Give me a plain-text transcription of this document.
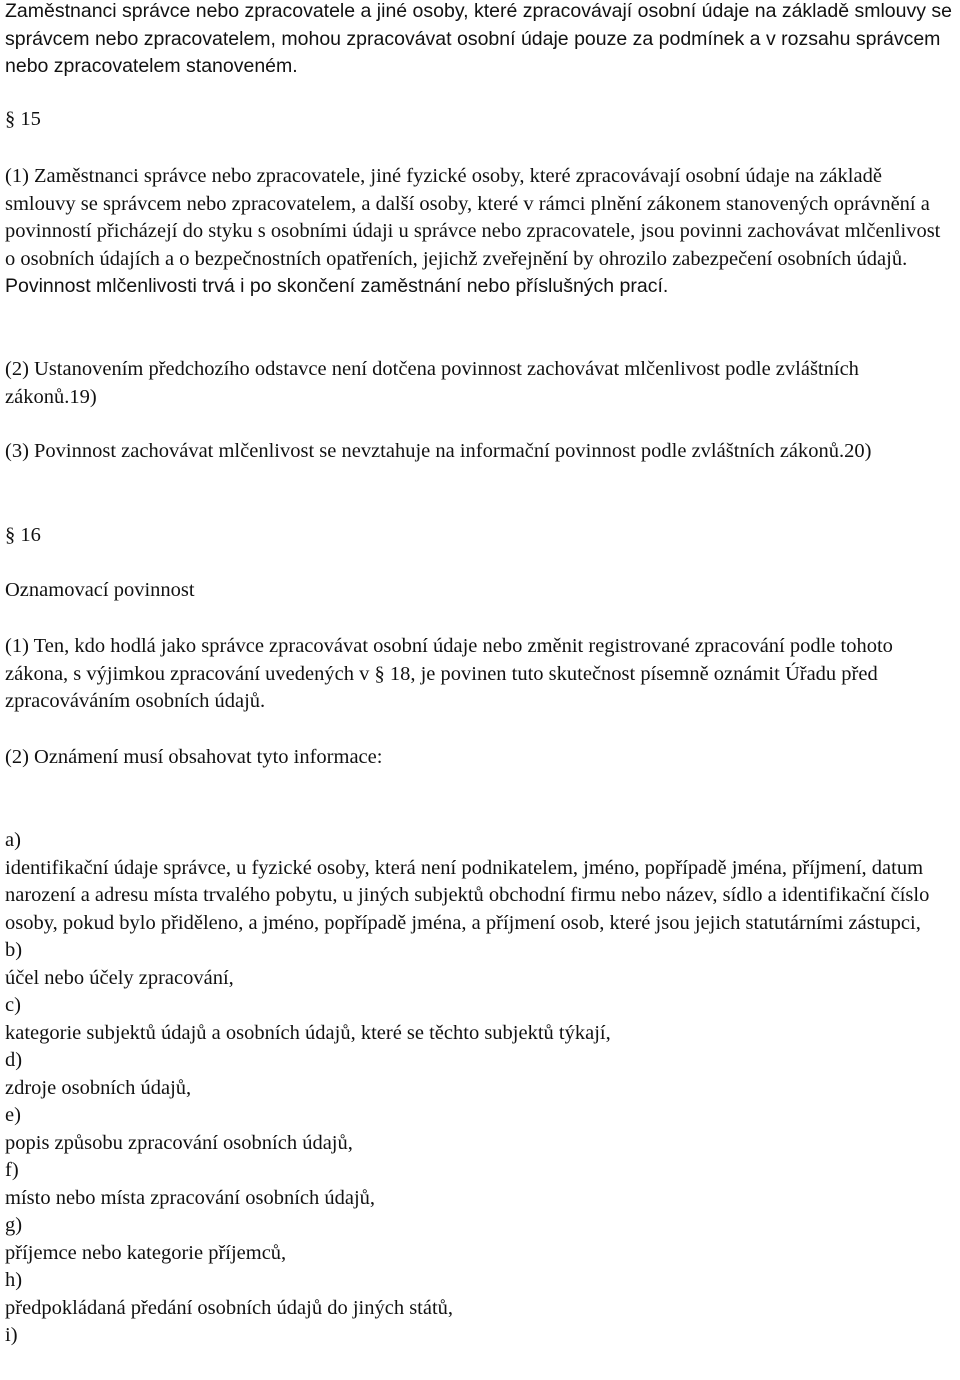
Zaměstnanci správce nebo zpracovatele a jiné osoby, které zpracovávají osobní údaje na základě smlouvy se správcem nebo zpracovatelem, mohou zpracovávat osobní údaje pouze za podmínek a v rozsahu správcem nebo zpracovatelem stanoveném.

§ 15

(1) Zaměstnanci správce nebo zpracovatele, jiné fyzické osoby, které zpracovávají osobní údaje na základě smlouvy se správcem nebo zpracovatelem, a další osoby, které v rámci plnění zákonem stanovených oprávnění a povinností přicházejí do styku s osobními údaji u správce nebo zpracovatele, jsou povinni zachovávat mlčenlivost o osobních údajích a o bezpečnostních opatřeních, jejichž zveřejnění by ohrozilo zabezpečení osobních údajů. Povinnost mlčenlivosti trvá i po skončení zaměstnání nebo příslušných prací.

(2) Ustanovením předchozího odstavce není dotčena povinnost zachovávat mlčenlivost podle zvláštních zákonů.19)

(3) Povinnost zachovávat mlčenlivost se nevztahuje na informační povinnost podle zvláštních zákonů.20)

§ 16

Oznamovací povinnost

(1) Ten, kdo hodlá jako správce zpracovávat osobní údaje nebo změnit registrované zpracování podle tohoto zákona, s výjimkou zpracování uvedených v § 18, je povinen tuto skutečnost písemně oznámit Úřadu před zpracováváním osobních údajů.

(2) Oznámení musí obsahovat tyto informace:

a)
identifikační údaje správce, u fyzické osoby, která není podnikatelem, jméno, popřípadě jména, příjmení, datum narození a adresu místa trvalého pobytu, u jiných subjektů obchodní firmu nebo název, sídlo a identifikační číslo osoby, pokud bylo přiděleno, a jméno, popřípadě jména, a příjmení osob, které jsou jejich statutárními zástupci,
b)
účel nebo účely zpracování,
c)
kategorie subjektů údajů a osobních údajů, které se těchto subjektů týkají,
d)
zdroje osobních údajů,
e)
popis způsobu zpracování osobních údajů,
f)
místo nebo místa zpracování osobních údajů,
g)
příjemce nebo kategorie příjemců,
h)
předpokládaná předání osobních údajů do jiných států,
i)
